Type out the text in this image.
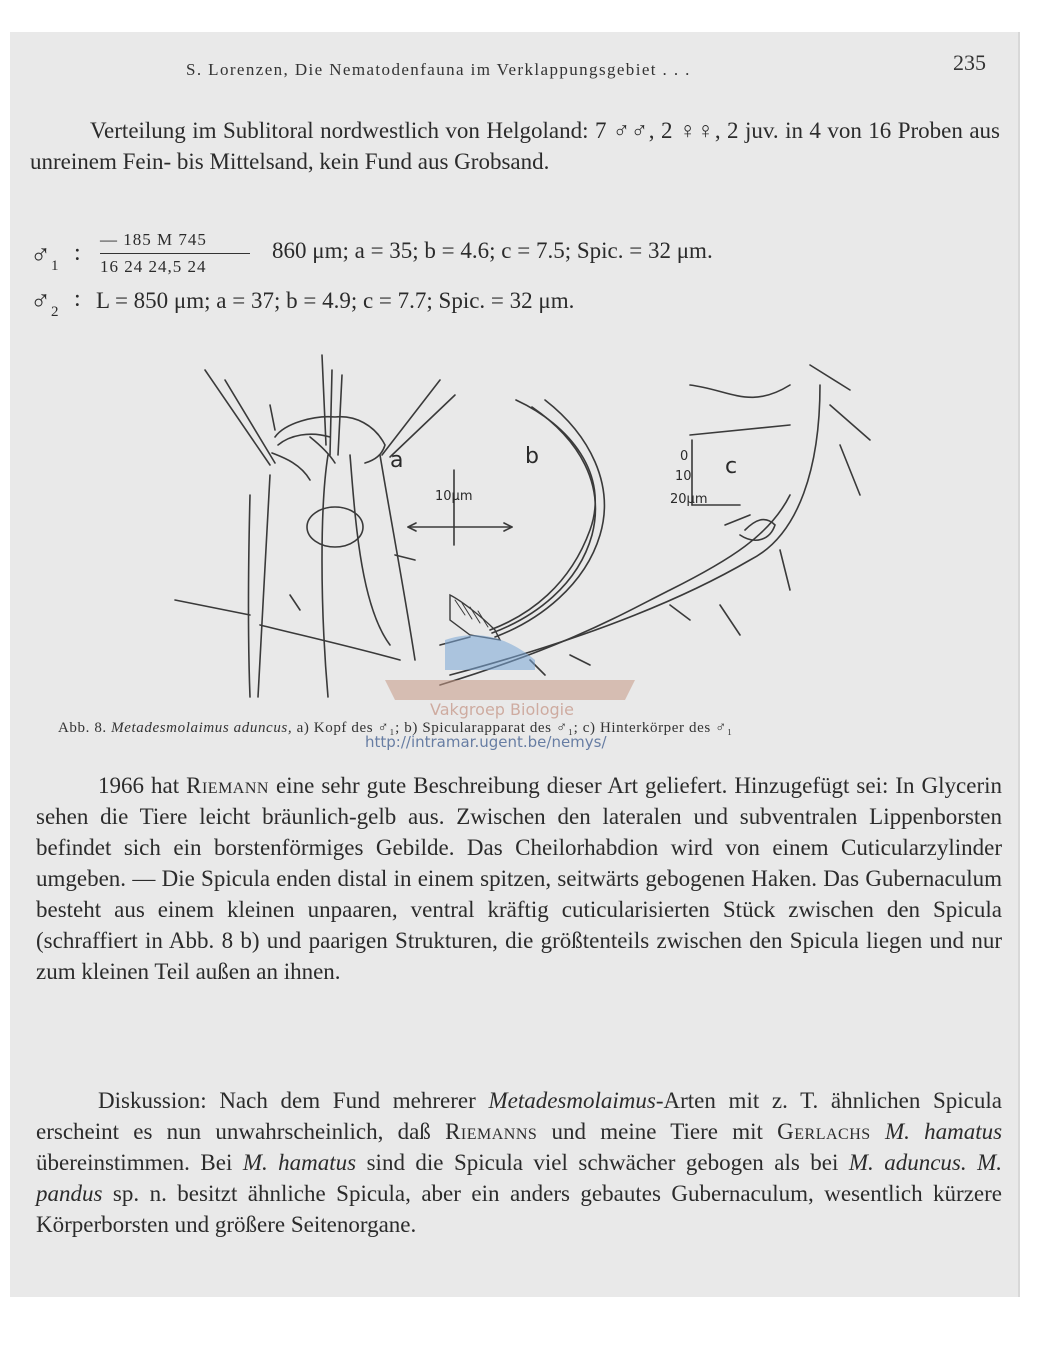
S. Lorenzen, Die Nematodenfauna im Verklappungsgebiet . . .	235

Verteilung im Sublitoral nordwestlich von Helgoland: 7 ♂♂, 2 ♀♀, 2 juv. in 4 von 16 Proben aus unreinem Fein- bis Mittelsand, kein Fund aus Grobsand.

$♂_1$ :
— 185 M 745
16 24 24,5 24
860 μm; a = 35; b = 4.6; c = 7.5; Spic. = 32 μm.
$♂_2$ : L = 850 μm; a = 37; b = 4.9; c = 7.7; Spic. = 32 μm.
a	b	c
10μm
0
10
20μm
Vakgroep Biologie
Abb. 8. Metadesmolaimus aduncus, a) Kopf des ♂₁; b) Spicularapparat des ♂₁; c) Hinterkörper des ♂₁
http://intramar.ugent.be/nemys/

1966 hat Riemann eine sehr gute Beschreibung dieser Art geliefert. Hinzugefügt sei: In Glycerin sehen die Tiere leicht bräunlich-gelb aus. Zwischen den lateralen und subventralen Lippenborsten befindet sich ein borstenförmiges Gebilde. Das Cheilorhabdion wird von einem Cuticularzylinder umgeben. — Die Spicula enden distal in einem spitzen, seitwärts gebogenen Haken. Das Gubernaculum besteht aus einem kleinen unpaaren, ventral kräftig cuticularisierten Stück zwischen den Spicula (schraffiert in Abb. 8 b) und paarigen Strukturen, die größtenteils zwischen den Spicula liegen und nur zum kleinen Teil außen an ihnen.

Diskussion: Nach dem Fund mehrerer Metadesmolaimus-Arten mit z. T. ähnlichen Spicula erscheint es nun unwahrscheinlich, daß Riemanns und meine Tiere mit Gerlachs M. hamatus übereinstimmen. Bei M. hamatus sind die Spicula viel schwächer gebogen als bei M. aduncus. M. pandus sp. n. besitzt ähnliche Spicula, aber ein anders gebautes Gubernaculum, wesentlich kürzere Körperborsten und größere Seitenorgane.
